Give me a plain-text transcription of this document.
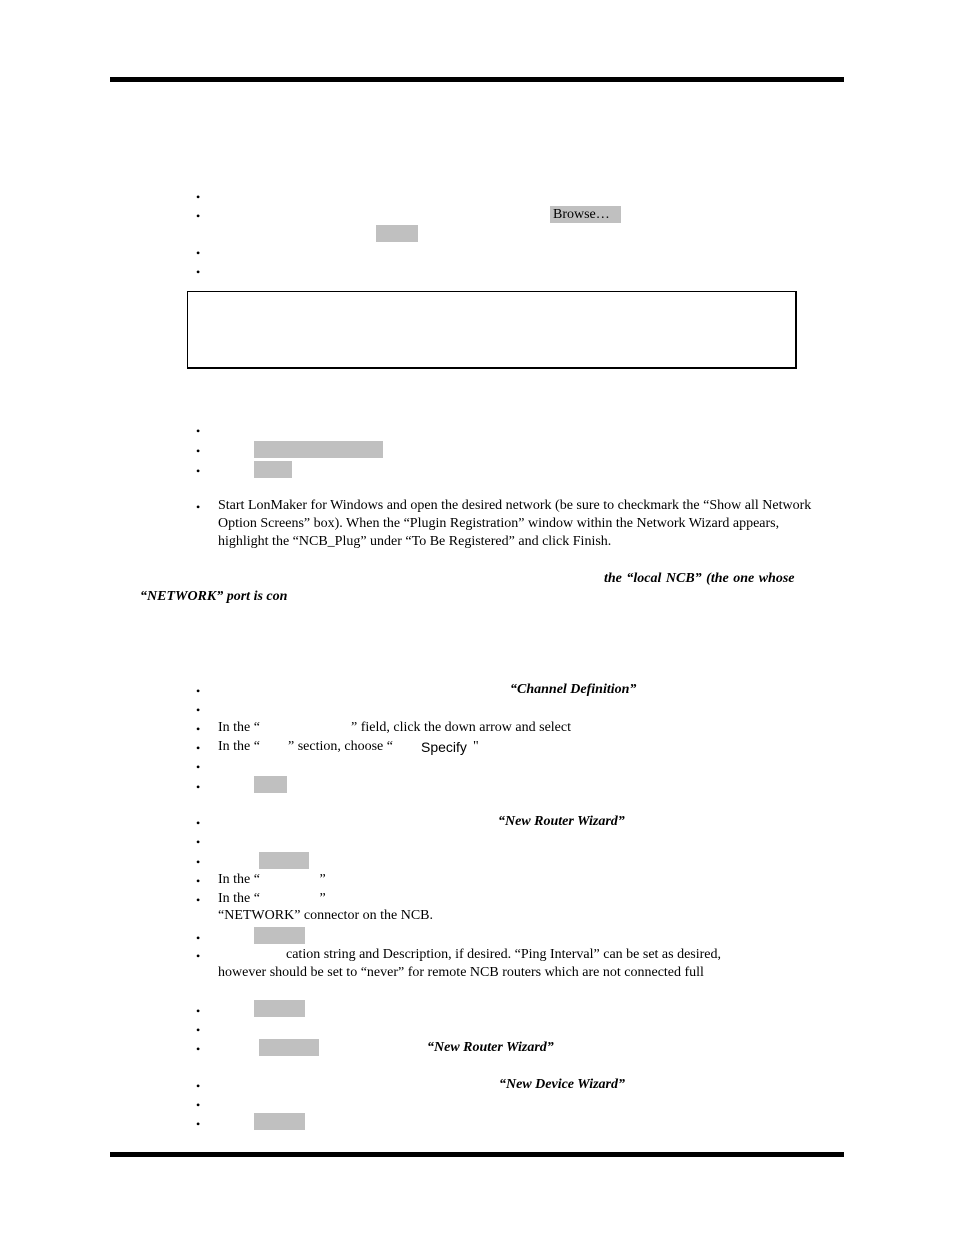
•
•	Browse…
•
•
•
•
•
• Start LonMaker for Windows and open the desired network (be sure to checkmark the “Show all Network Option Screens” box). When the “Plugin Registration” window within the Network Wizard appears, highlight the “NCB_Plug” under “To Be Registered” and click Finish.
the “local NCB” (the one whose
“NETWORK” port is con
•	“Channel Definition”
•
• In the “                          ” field, click the down arrow and select
• In the “        ” section, choose “ Specify "
•
•
•	“New Router Wizard”
•
•
• In the “                 ”
• In the “                 ”
“NETWORK” connector on the NCB.
•
•	cation string and Description, if desired. “Ping Interval” can be set as desired,
however should be set to “never” for remote NCB routers which are not connected full
•
•
•	“New Router Wizard”
•	“New Device Wizard”
•
•
